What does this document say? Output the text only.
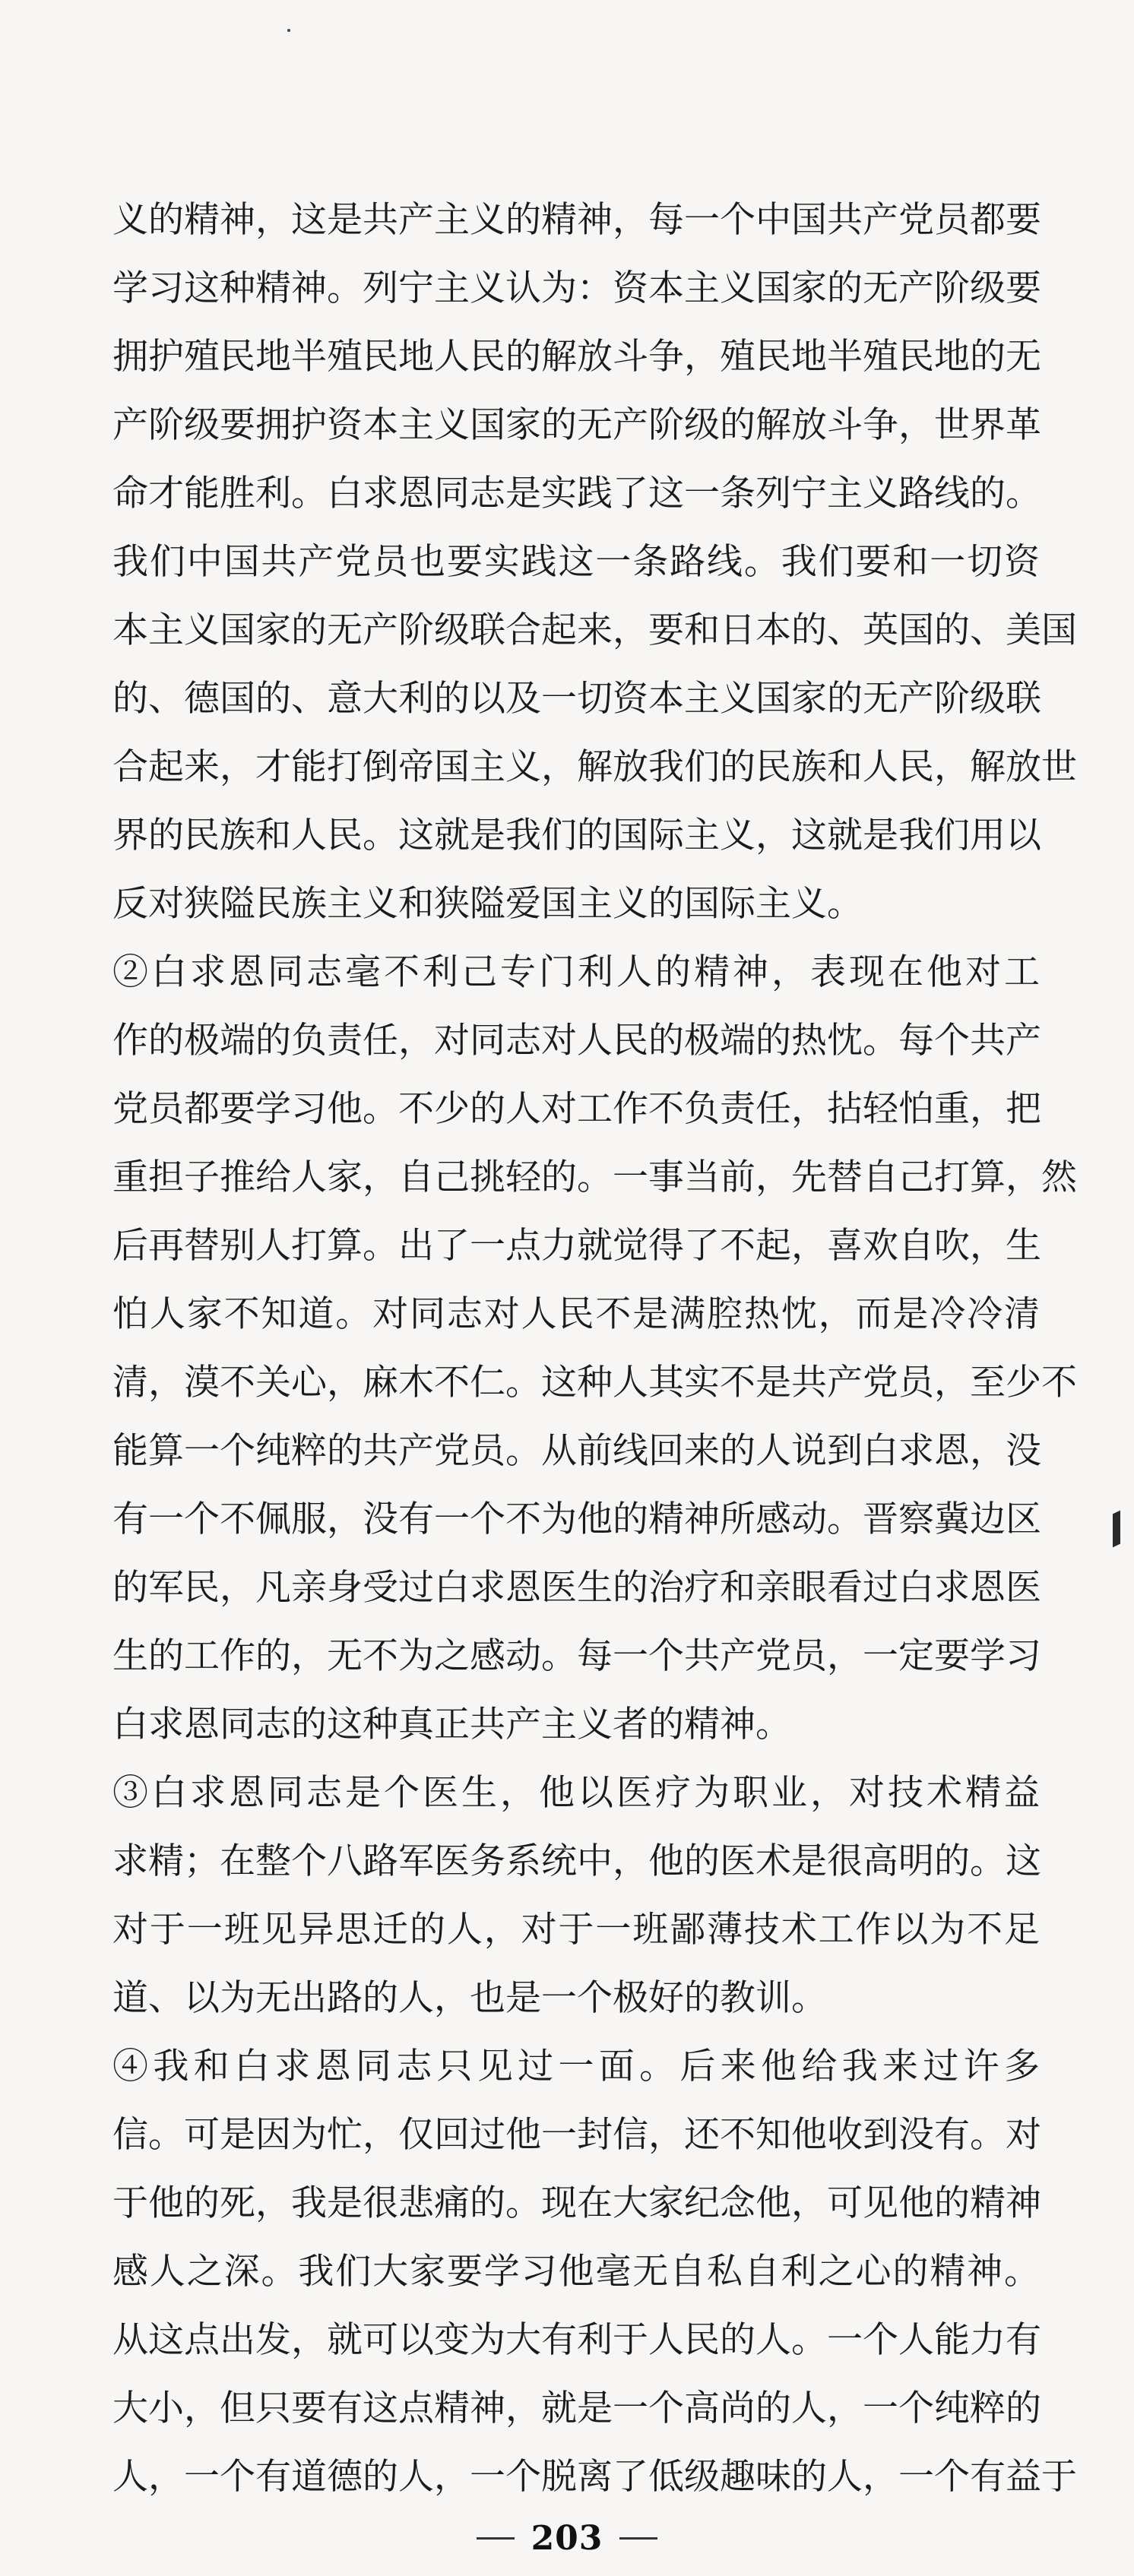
义的精神，这是共产主义的精神，每一个中国共产党员都要
学习这种精神。列宁主义认为：资本主义国家的无产阶级要
拥护殖民地半殖民地人民的解放斗争，殖民地半殖民地的无
产阶级要拥护资本主义国家的无产阶级的解放斗争，世界革
命才能胜利。白求恩同志是实践了这一条列宁主义路线的。
我们中国共产党员也要实践这一条路线。我们要和一切资
本主义国家的无产阶级联合起来，要和日本的、英国的、美国
的、德国的、意大利的以及一切资本主义国家的无产阶级联
合起来，才能打倒帝国主义，解放我们的民族和人民，解放世
界的民族和人民。这就是我们的国际主义，这就是我们用以
反对狭隘民族主义和狭隘爱国主义的国际主义。
②白求恩同志毫不利己专门利人的精神，表现在他对工
作的极端的负责任，对同志对人民的极端的热忱。每个共产
党员都要学习他。不少的人对工作不负责任，拈轻怕重，把
重担子推给人家，自己挑轻的。一事当前，先替自己打算，然
后再替别人打算。出了一点力就觉得了不起，喜欢自吹，生
怕人家不知道。对同志对人民不是满腔热忱，而是冷冷清
清，漠不关心，麻木不仁。这种人其实不是共产党员，至少不
能算一个纯粹的共产党员。从前线回来的人说到白求恩，没
有一个不佩服，没有一个不为他的精神所感动。晋察冀边区
的军民，凡亲身受过白求恩医生的治疗和亲眼看过白求恩医
生的工作的，无不为之感动。每一个共产党员，一定要学习
白求恩同志的这种真正共产主义者的精神。
③白求恩同志是个医生，他以医疗为职业，对技术精益
求精；在整个八路军医务系统中，他的医术是很高明的。这
对于一班见异思迁的人，对于一班鄙薄技术工作以为不足
道、以为无出路的人，也是一个极好的教训。
④我和白求恩同志只见过一面。后来他给我来过许多
信。可是因为忙，仅回过他一封信，还不知他收到没有。对
于他的死，我是很悲痛的。现在大家纪念他，可见他的精神
感人之深。我们大家要学习他毫无自私自利之心的精神。
从这点出发，就可以变为大有利于人民的人。一个人能力有
大小，但只要有这点精神，就是一个高尚的人，一个纯粹的
人，一个有道德的人，一个脱离了低级趣味的人，一个有益于
203
